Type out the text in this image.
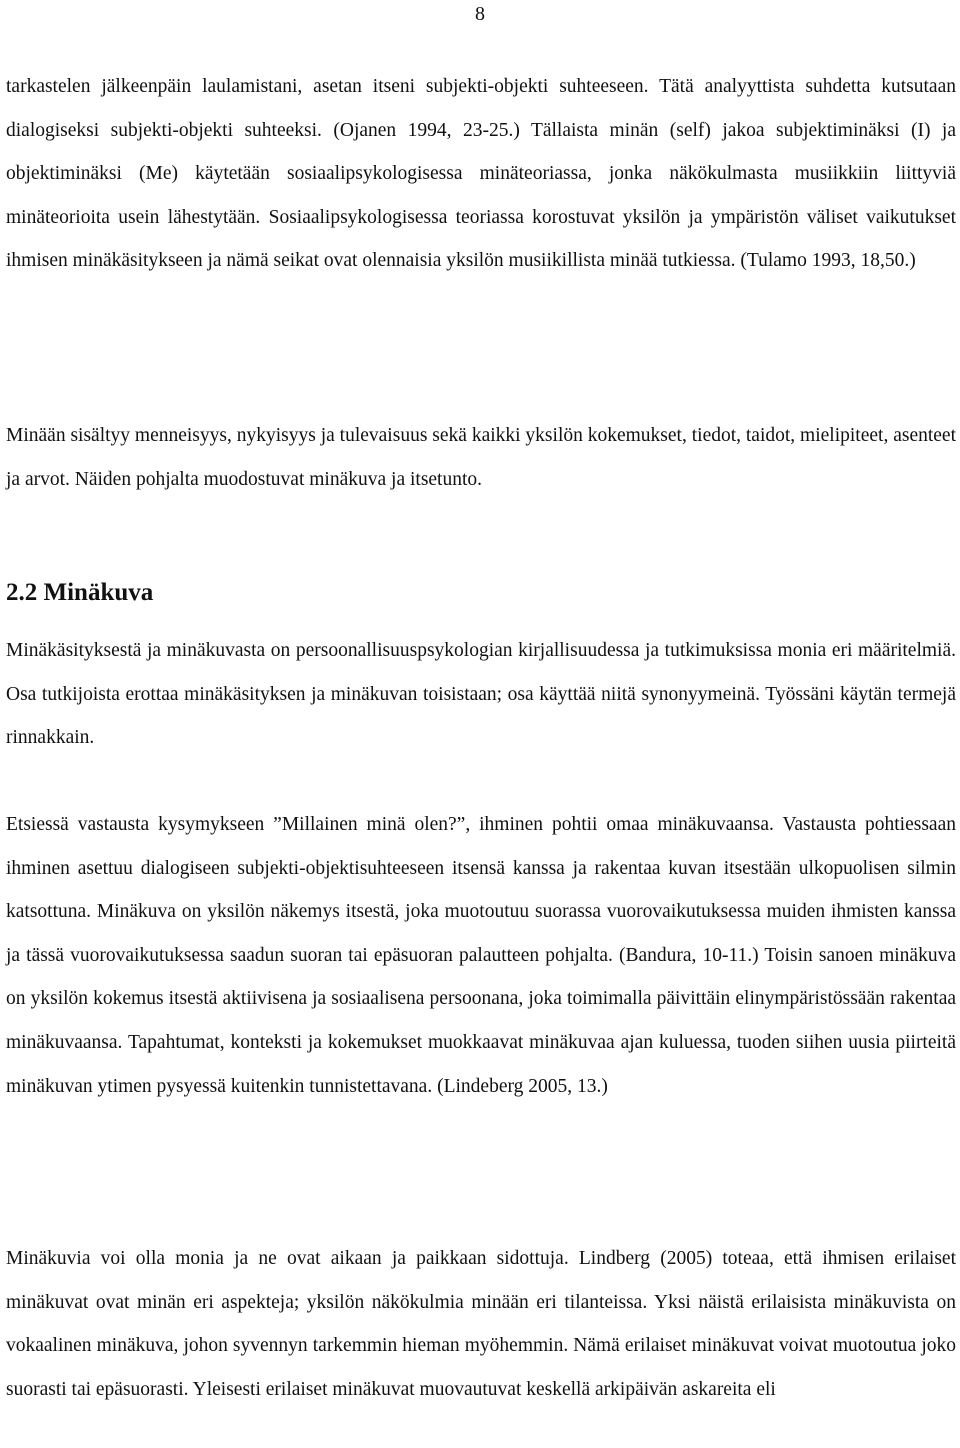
8

tarkastelen jälkeenpäin laulamistani, asetan itseni subjekti-objekti suhteeseen. Tätä analyyttista suhdetta kutsutaan dialogiseksi subjekti-objekti suhteeksi. (Ojanen 1994, 23-25.) Tällaista minän (self) jakoa subjektiminäksi (I) ja objektiminäksi (Me) käytetään sosiaalipsykologisessa minäteoriassa, jonka näkökulmasta musiikkiin liittyviä minäteorioita usein lähestytään. Sosiaalipsykologisessa teoriassa korostuvat yksilön ja ympäristön väliset vaikutukset ihmisen minäkäsitykseen ja nämä seikat ovat olennaisia yksilön musiikillista minää tutkiessa. (Tulamo 1993, 18,50.)

Minään sisältyy menneisyys, nykyisyys ja tulevaisuus sekä kaikki yksilön kokemukset, tiedot, taidot, mielipiteet, asenteet ja arvot. Näiden pohjalta muodostuvat minäkuva ja itsetunto.

2.2 Minäkuva

Minäkäsityksestä ja minäkuvasta on persoonallisuuspsykologian kirjallisuudessa ja tutkimuksissa monia eri määritelmiä. Osa tutkijoista erottaa minäkäsityksen ja minäkuvan toisistaan; osa käyttää niitä synonyymeinä. Työssäni käytän termejä rinnakkain.

Etsiessä vastausta kysymykseen ”Millainen minä olen?”, ihminen pohtii omaa minäkuvaansa. Vastausta pohtiessaan ihminen asettuu dialogiseen subjekti-objektisuhteeseen itsensä kanssa ja rakentaa kuvan itsestään ulkopuolisen silmin katsottuna. Minäkuva on yksilön näkemys itsestä, joka muotoutuu suorassa vuorovaikutuksessa muiden ihmisten kanssa ja tässä vuorovaikutuksessa saadun suoran tai epäsuoran palautteen pohjalta. (Bandura, 10-11.) Toisin sanoen minäkuva on yksilön kokemus itsestä aktiivisena ja sosiaalisena persoonana, joka toimimalla päivittäin elinympäristössään rakentaa minäkuvaansa. Tapahtumat, konteksti ja kokemukset muokkaavat minäkuvaa ajan kuluessa, tuoden siihen uusia piirteitä minäkuvan ytimen pysyessä kuitenkin tunnistettavana. (Lindeberg 2005, 13.)

Minäkuvia voi olla monia ja ne ovat aikaan ja paikkaan sidottuja. Lindberg (2005) toteaa, että ihmisen erilaiset minäkuvat ovat minän eri aspekteja; yksilön näkökulmia minään eri tilanteissa. Yksi näistä erilaisista minäkuvista on vokaalinen minäkuva, johon syvennyn tarkemmin hieman myöhemmin. Nämä erilaiset minäkuvat voivat muotoutua joko suorasti tai epäsuorasti. Yleisesti erilaiset minäkuvat muovautuvat keskellä arkipäivän askareita eli
